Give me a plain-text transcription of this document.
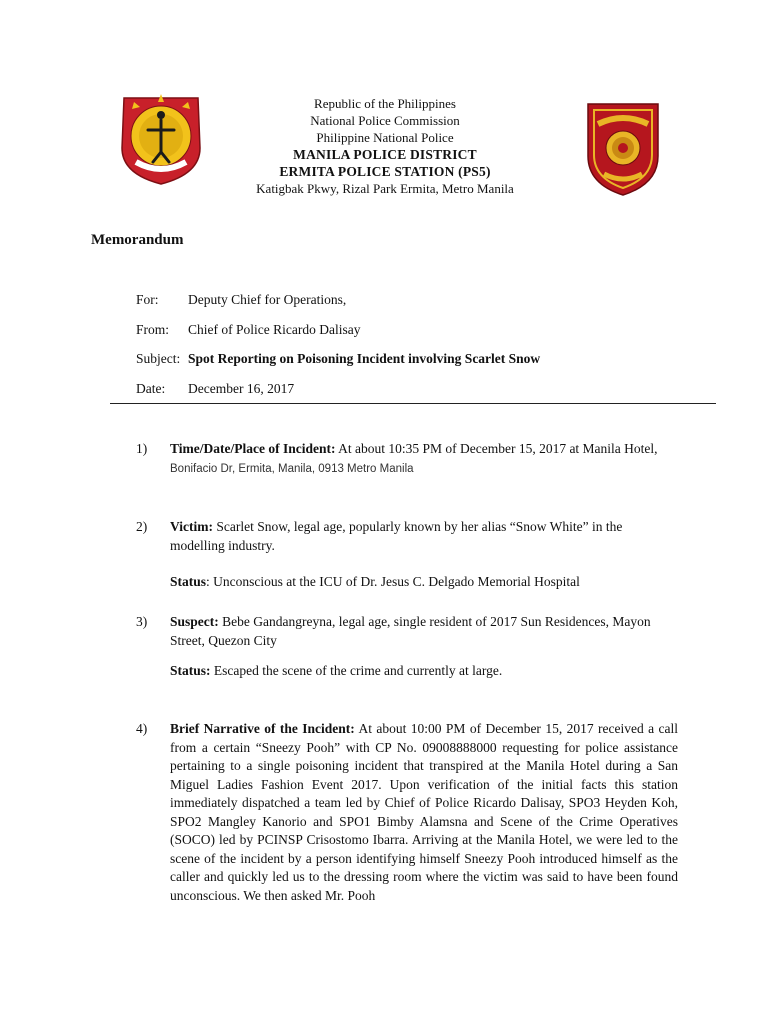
Republic of the Philippines
National Police Commission
Philippine National Police
MANILA POLICE DISTRICT
ERMITA POLICE STATION (PS5)
Katigbak Pkwy, Rizal Park Ermita, Metro Manila
Memorandum
For:	Deputy Chief for Operations,
From:	Chief of Police Ricardo Dalisay
Subject: Spot Reporting on Poisoning Incident involving Scarlet Snow
Date:	December 16, 2017
1) Time/Date/Place of Incident: At about 10:35 PM of December 15, 2017 at Manila Hotel, Bonifacio Dr, Ermita, Manila, 0913 Metro Manila

2) Victim: Scarlet Snow, legal age, popularly known by her alias “Snow White” in the modelling industry.

Status: Unconscious at the ICU of Dr. Jesus C. Delgado Memorial Hospital

3) Suspect: Bebe Gandangreyna, legal age, single resident of 2017 Sun Residences, Mayon Street, Quezon City

Status: Escaped the scene of the crime and currently at large.

4) Brief Narrative of the Incident: At about 10:00 PM of December 15, 2017 received a call from a certain “Sneezy Pooh” with CP No. 09008888000 requesting for police assistance pertaining to a single poisoning incident that transpired at the Manila Hotel during a San Miguel Ladies Fashion Event 2017. Upon verification of the initial facts this station immediately dispatched a team led by Chief of Police Ricardo Dalisay, SPO3 Heyden Koh, SPO2 Mangley Kanorio and SPO1 Bimby Alamsna and Scene of the Crime Operatives (SOCO) led by PCINSP Crisostomo Ibarra. Arriving at the Manila Hotel, we were led to the scene of the incident by a person identifying himself Sneezy Pooh introduced himself as the caller and quickly led us to the dressing room where the victim was said to have been found unconscious. We then asked Mr. Pooh
